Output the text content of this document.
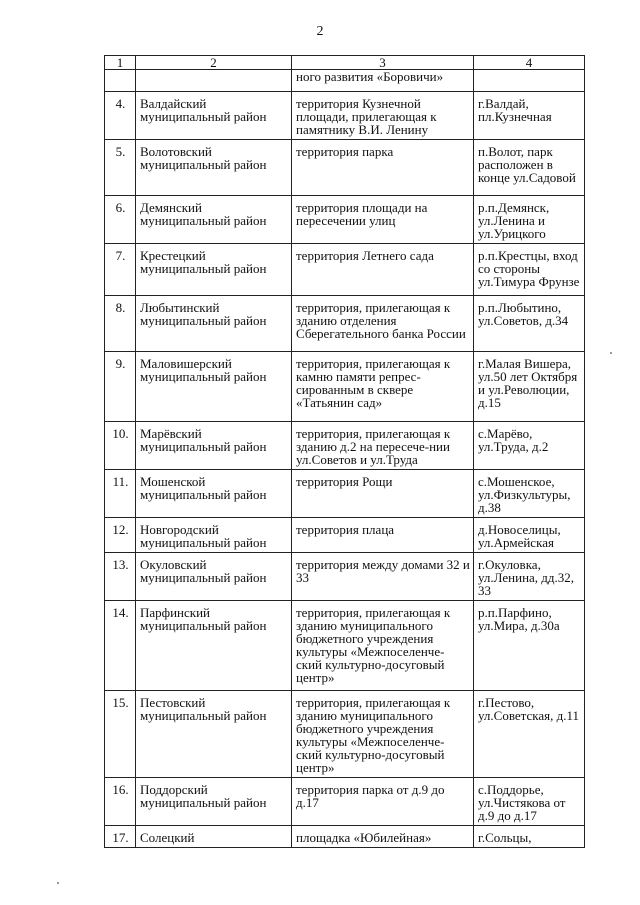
2
1	2	3	4
		ного развития «Боровичи»	
4.	Валдайский муниципальный район	территория Кузнечной площади, прилегающая к памятнику В.И. Ленину	г.Валдай, пл.Кузнечная
5.	Волотовский муниципальный район	территория парка	п.Волот, парк расположен в конце ул.Садовой
6.	Демянский муниципальный район	территория площади на пересечении улиц	р.п.Демянск, ул.Ленина и ул.Урицкого
7.	Крестецкий муниципальный район	территория Летнего сада	р.п.Крестцы, вход со стороны ул.Тимура Фрунзе
8.	Любытинский муниципальный район	территория, прилегающая к зданию отделения Сберегательного банка России	р.п.Любытино, ул.Советов, д.34
9.	Маловишерский муниципальный район	территория, прилегающая к камню памяти репрес-сированным в сквере «Татьянин сад»	г.Малая Вишера, ул.50 лет Октября и ул.Революции, д.15
10.	Марёвский муниципальный район	территория, прилегающая к зданию д.2 на пересече-нии ул.Советов и ул.Труда	с.Марёво, ул.Труда, д.2
11.	Мошенской муниципальный район	территория Рощи	с.Мошенское, ул.Физкультуры, д.38
12.	Новгородский муниципальный район	территория плаца	д.Новоселицы, ул.Армейская
13.	Окуловский муниципальный район	территория между домами 32 и 33	г.Окуловка, ул.Ленина, дд.32, 33
14.	Парфинский муниципальный район	территория, прилегающая к зданию муниципального бюджетного учреждения культуры «Межпоселенче-ский культурно-досуговый центр»	р.п.Парфино, ул.Мира, д.30а
15.	Пестовский муниципальный район	территория, прилегающая к зданию муниципального бюджетного учреждения культуры «Межпоселенче-ский культурно-досуговый центр»	г.Пестово, ул.Советская, д.11
16.	Поддорский муниципальный район	территория парка от д.9 до д.17	с.Поддорье, ул.Чистякова от д.9 до д.17
17.	Солецкий	площадка «Юбилейная»	г.Сольцы,
